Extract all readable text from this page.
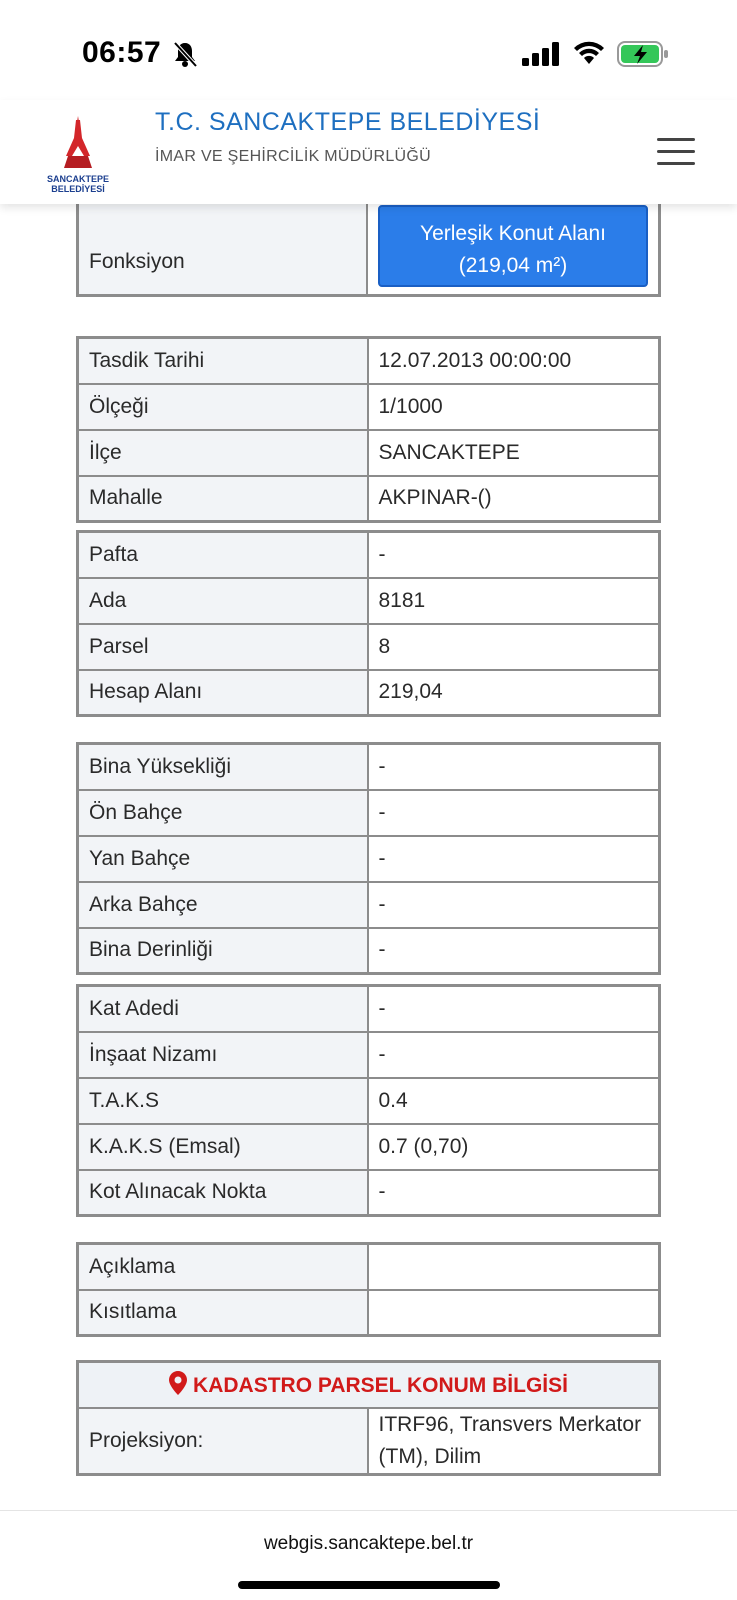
06:57
SANCAKTEPE BELEDİYESİ
T.C. SANCAKTEPE BELEDİYESİ
İMAR VE ŞEHİRCİLİK MÜDÜRLÜĞÜ
Fonksiyon	
Yerleşik Konut Alanı
(219,04 m²)
Tasdik Tarihi	12.07.2013 00:00:00
Ölçeği	1/1000
İlçe	SANCAKTEPE
Mahalle	AKPINAR-()
Pafta	-
Ada	8181
Parsel	8
Hesap Alanı	219,04
Bina Yüksekliği	-
Ön Bahçe	-
Yan Bahçe	-
Arka Bahçe	-
Bina Derinliği	-
Kat Adedi	-
İnşaat Nizamı	-
T.A.K.S	0.4
K.A.K.S (Emsal)	0.7 (0,70)
Kot Alınacak Nokta	-
Açıklama	
Kısıtlama	
KADASTRO PARSEL KONUM BİLGİSİ
Projeksiyon:	ITRF96, Transvers Merkator (TM), Dilim
webgis.sancaktepe.bel.tr
